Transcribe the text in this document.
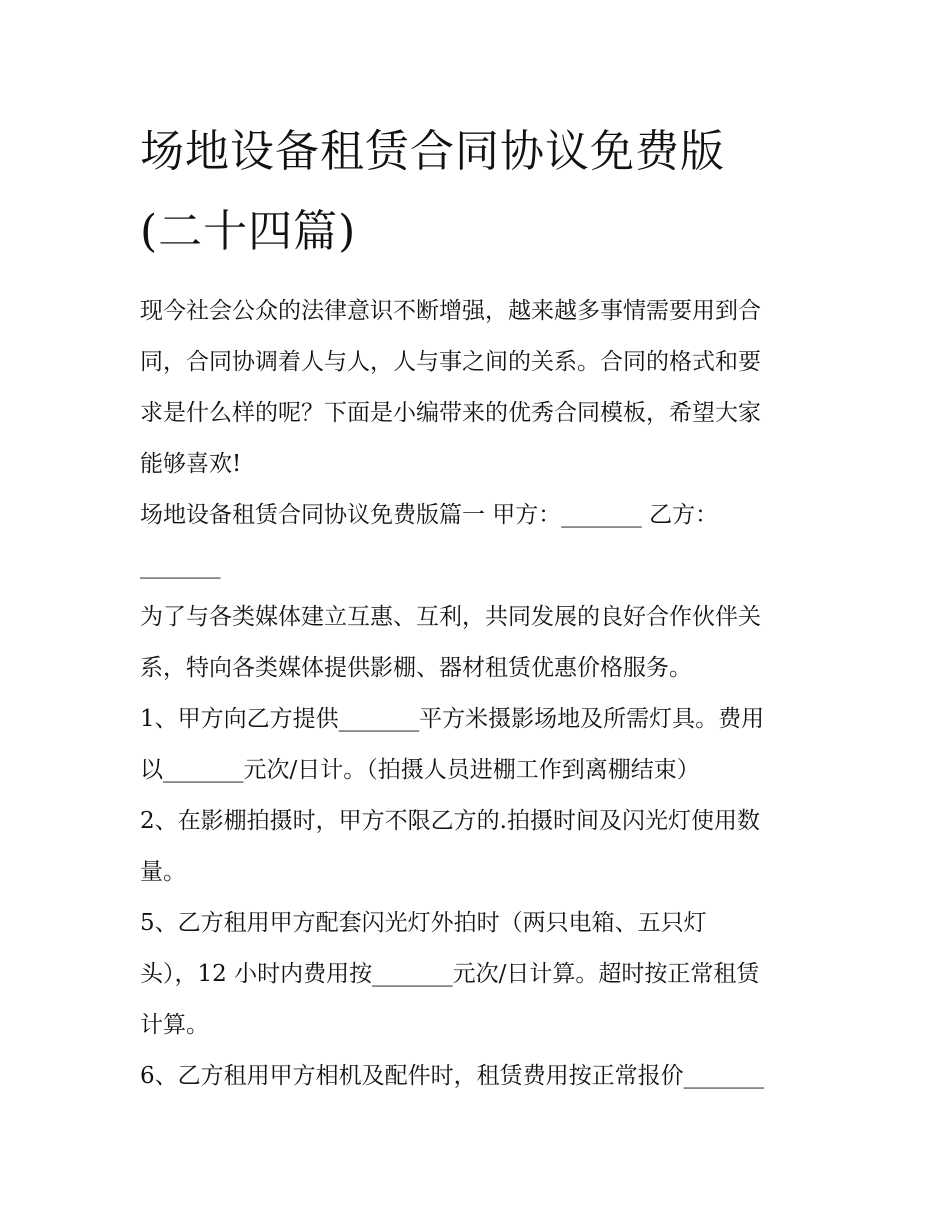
场地设备租赁合同协议免费版
(二十四篇)
现今社会公众的法律意识不断增强，越来越多事情需要用到合
同，合同协调着人与人，人与事之间的关系。合同的格式和要
求是什么样的呢？下面是小编带来的优秀合同模板，希望大家
能够喜欢!
场地设备租赁合同协议免费版篇一 甲方：_______ 乙方：
_______
为了与各类媒体建立互惠、互利，共同发展的良好合作伙伴关
系，特向各类媒体提供影棚、器材租赁优惠价格服务。
1、甲方向乙方提供_______平方米摄影场地及所需灯具。费用
以_______元次/日计。（拍摄人员进棚工作到离棚结束）
2、在影棚拍摄时，甲方不限乙方的.拍摄时间及闪光灯使用数
量。
5、乙方租用甲方配套闪光灯外拍时（两只电箱、五只灯
头），12 小时内费用按_______元次/日计算。超时按正常租赁
计算。
6、乙方租用甲方相机及配件时，租赁费用按正常报价_______
